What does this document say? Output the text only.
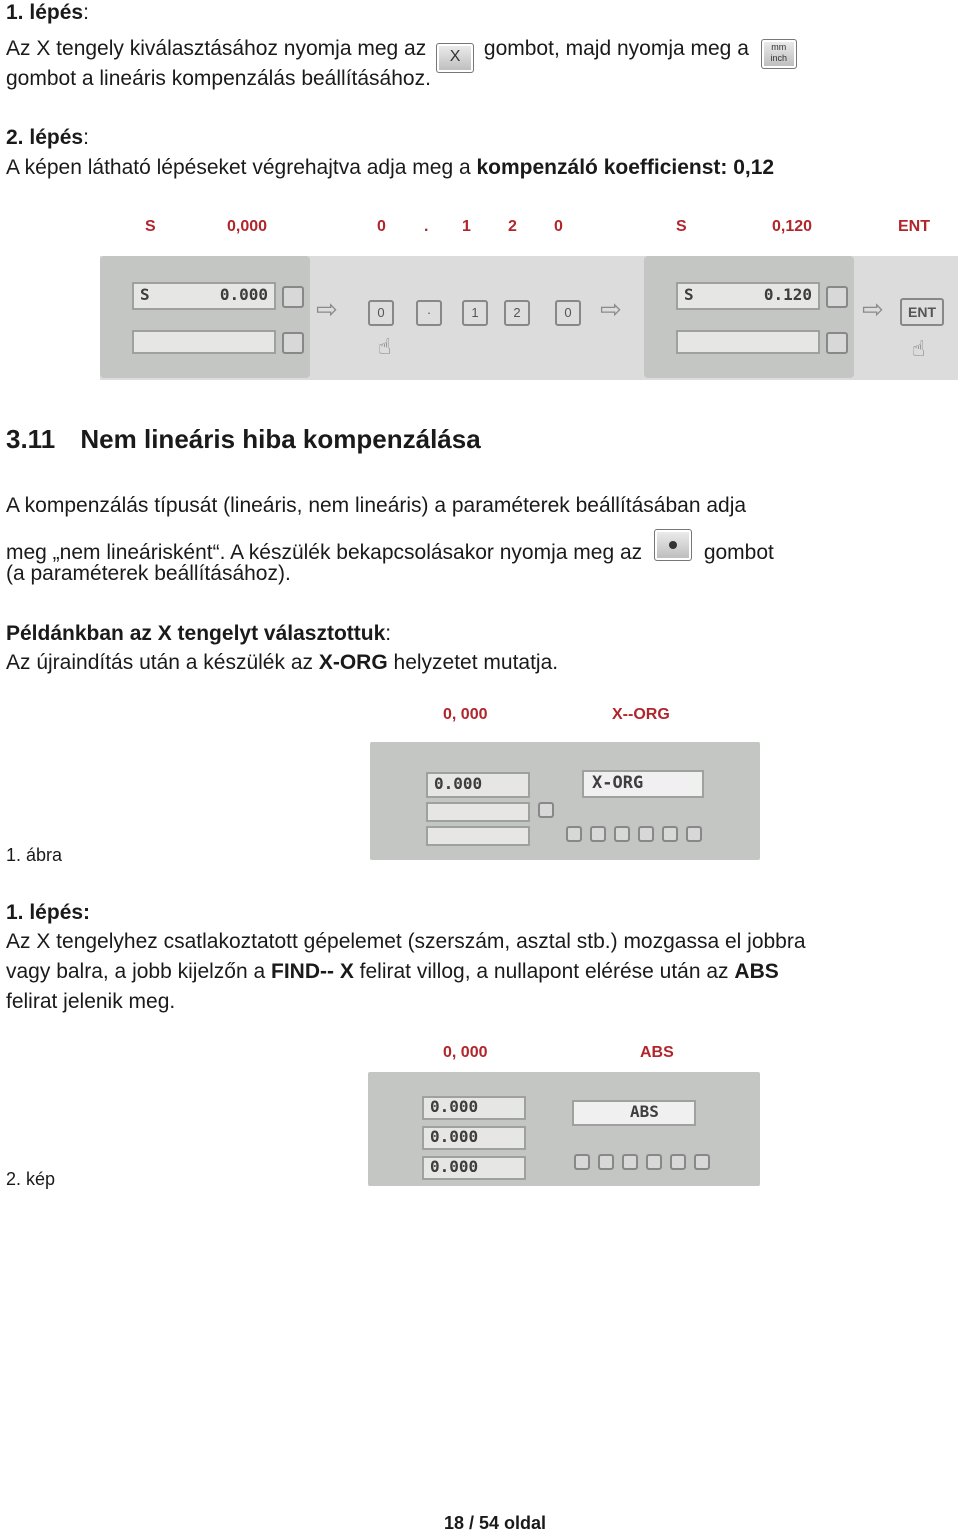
1. lépés:
Az X tengely kiválasztásához nyomja meg az X gombot, majd nyomja meg a mm
inch
gombot a lineáris kompenzálás beállításához.
2. lépés:
A képen látható lépéseket végrehajtva adja meg a kompenzáló koefficienst: 0,12
S	0,000	0 . 1 2 0	S	0,120	ENT
S	0.000 ⇨	0
☝
·	1	2	0	⇨	S	0.120 ⇨	ENT
☝
3.11 Nem lineáris hiba kompenzálása
A kompenzálás típusát (lineáris, nem lineáris) a paraméterek beállításában adja
meg „nem lineárisként“. A készülék bekapcsolásakor nyomja meg az	gombot
(a paraméterek beállításához).
Példánkban az X tengelyt választottuk:
Az újraindítás után a készülék az X-ORG helyzetet mutatja.
0, 000	X--ORG
0.000	X-ORG
1. ábra
1. lépés:
Az X tengelyhez csatlakoztatott gépelemet (szerszám, asztal stb.) mozgassa el jobbra
vagy balra, a jobb kijelzőn a FIND-- X felirat villog, a nullapont elérése után az ABS
felirat jelenik meg.
0, 000	ABS
0.000
0.000
0.000
ABS
2. kép
18 / 54 oldal
